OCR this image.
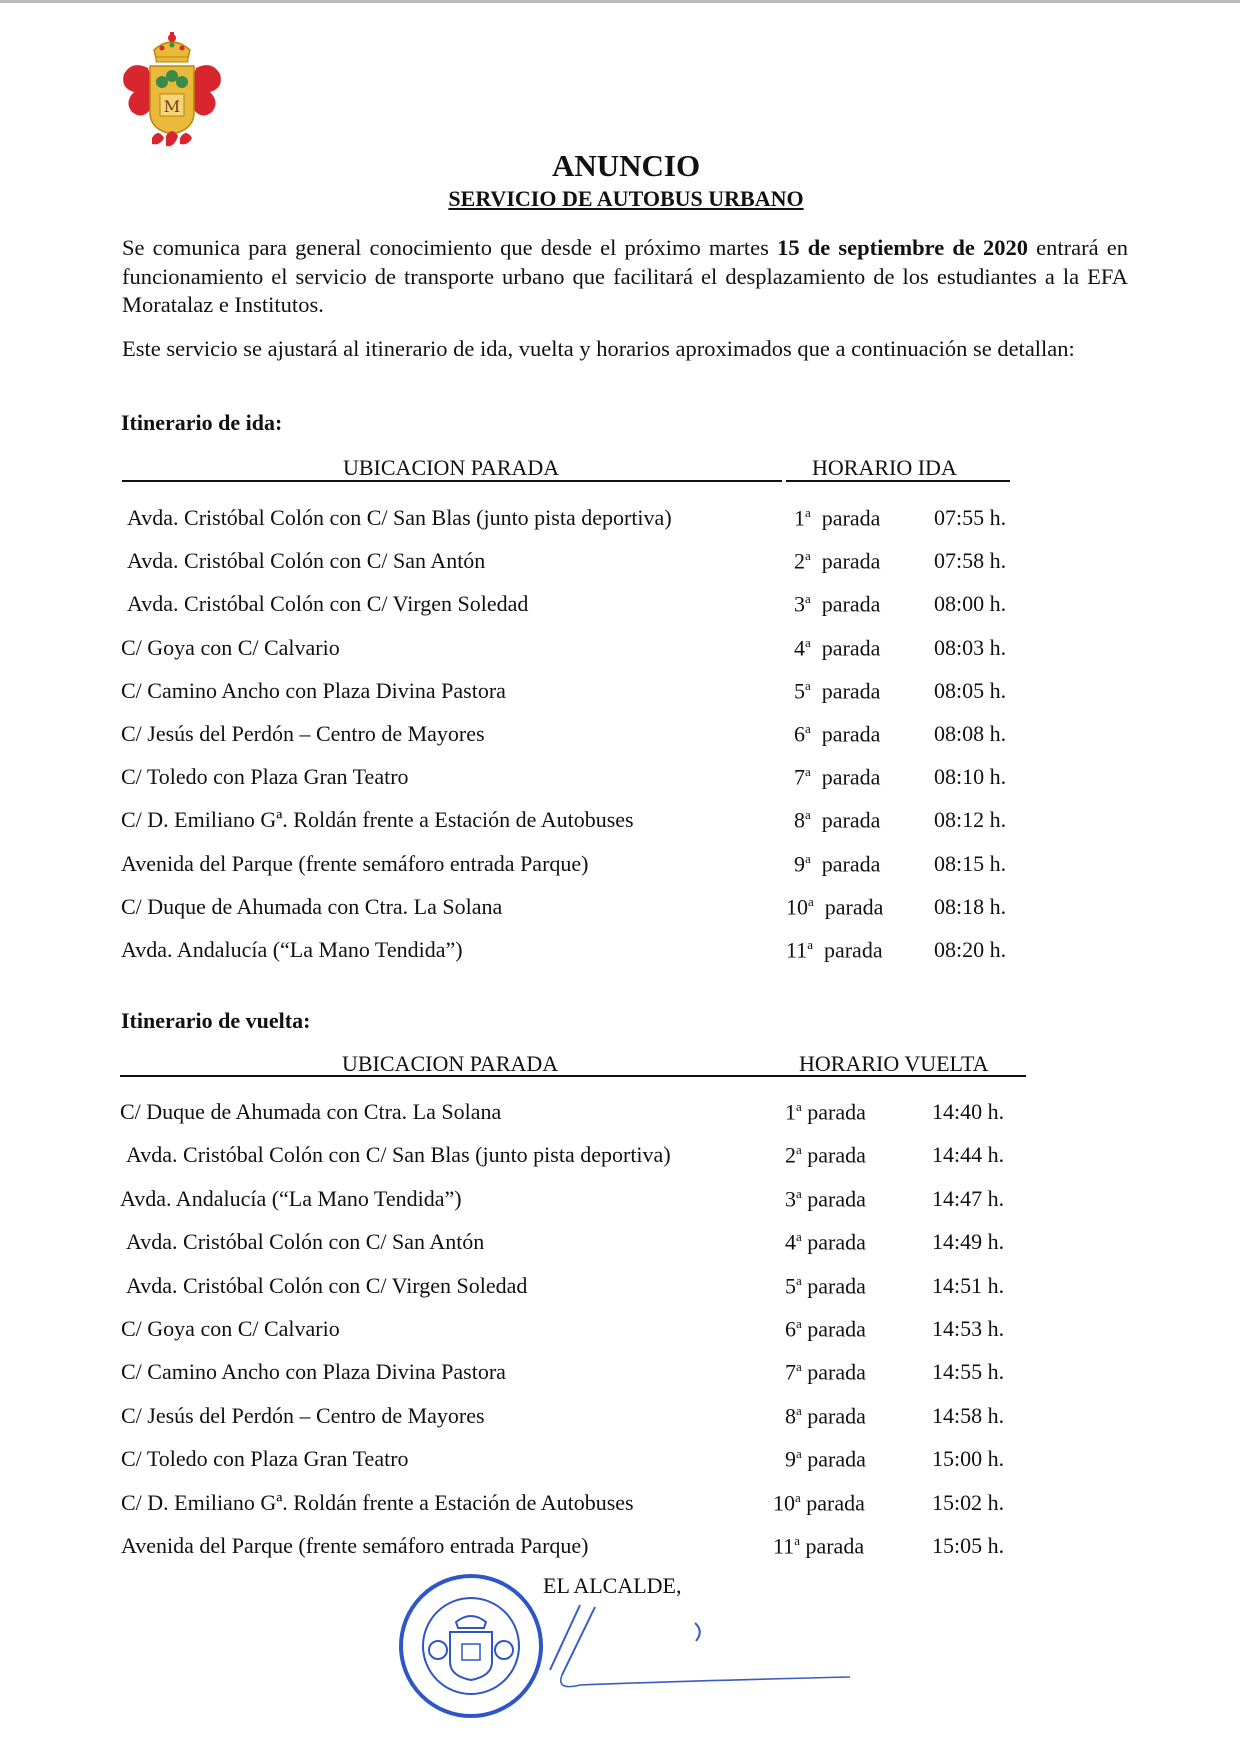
M
ANUNCIO
SERVICIO DE AUTOBUS URBANO

Se comunica para general conocimiento que desde el próximo martes 15 de septiembre de 2020 entrará en funcionamiento el servicio de transporte urbano que facilitará el desplazamiento de los estudiantes a la EFA Moratalaz e Institutos.

Este servicio se ajustará al itinerario de ida, vuelta y horarios aproximados que a continuación se detallan:

Itinerario de ida:
UBICACION PARADA	HORARIO IDA
Avda. Cristóbal Colón con C/ San Blas (junto pista deportiva)	1$^a$ parada 07:55 h.
Avda. Cristóbal Colón con C/ San Antón	2$^a$ parada 07:58 h.
Avda. Cristóbal Colón con C/ Virgen Soledad	3$^a$ parada 08:00 h.
C/ Goya con C/ Calvario	4$^a$ parada 08:03 h.
C/ Camino Ancho con Plaza Divina Pastora	5$^a$ parada 08:05 h.
C/ Jesús del Perdón – Centro de Mayores	6$^a$ parada 08:08 h.
C/ Toledo con Plaza Gran Teatro	7$^a$ parada 08:10 h.
C/ D. Emiliano Gª. Roldán frente a Estación de Autobuses	8$^a$ parada 08:12 h.
Avenida del Parque (frente semáforo entrada Parque)	9$^a$ parada 08:15 h.
C/ Duque de Ahumada con Ctra. La Solana	10$^a$ parada 08:18 h.
Avda. Andalucía (“La Mano Tendida”)	11$^a$ parada 08:20 h.
Itinerario de vuelta:
UBICACION PARADA	HORARIO VUELTA
C/ Duque de Ahumada con Ctra. La Solana	1$^a$ parada	14:40 h.
Avda. Cristóbal Colón con C/ San Blas (junto pista deportiva)	2$^a$ parada	14:44 h.
Avda. Andalucía (“La Mano Tendida”)	3$^a$ parada	14:47 h.
Avda. Cristóbal Colón con C/ San Antón	4$^a$ parada	14:49 h.
Avda. Cristóbal Colón con C/ Virgen Soledad	5$^a$ parada	14:51 h.
C/ Goya con C/ Calvario	6$^a$ parada	14:53 h.
C/ Camino Ancho con Plaza Divina Pastora	7$^a$ parada	14:55 h.
C/ Jesús del Perdón – Centro de Mayores	8$^a$ parada	14:58 h.
C/ Toledo con Plaza Gran Teatro	9$^a$ parada	15:00 h.
C/ D. Emiliano Gª. Roldán frente a Estación de Autobuses	10$^a$ parada	15:02 h.
Avenida del Parque (frente semáforo entrada Parque)	11$^a$ parada	15:05 h.
EL ALCALDE,
